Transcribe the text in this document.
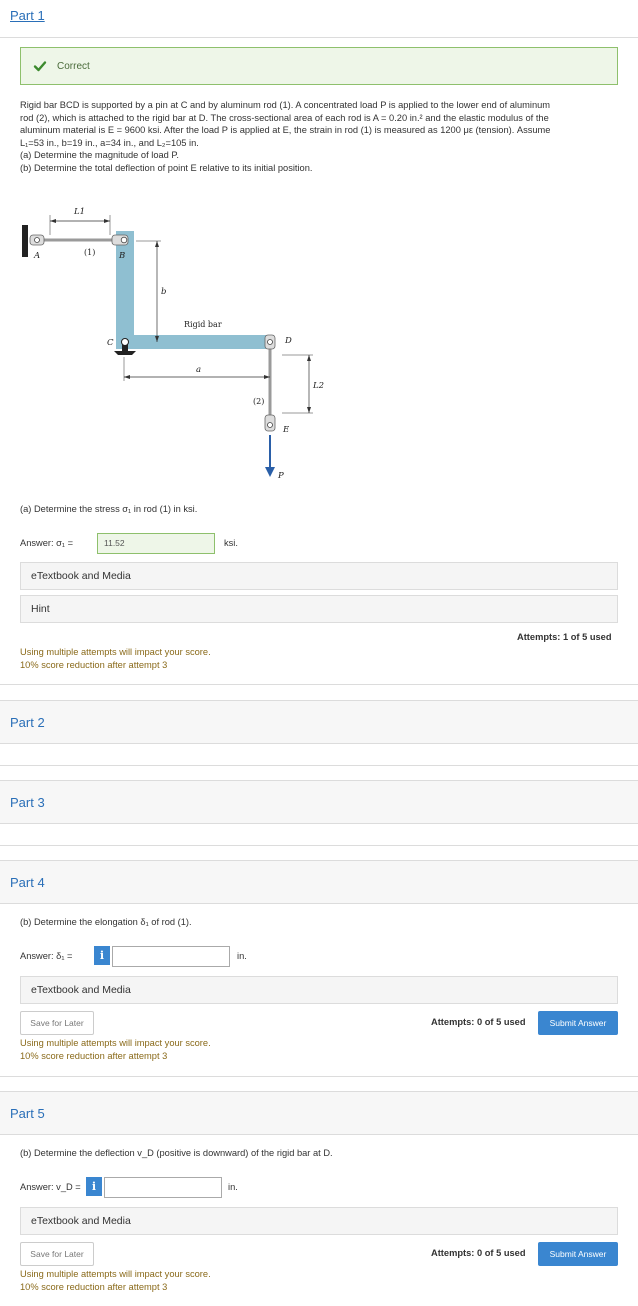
Part 1
Correct

Rigid bar BCD is supported by a pin at C and by aluminum rod (1). A concentrated load P is applied to the lower end of aluminum

rod (2), which is attached to the rigid bar at D. The cross-sectional area of each rod is A = 0.20 in.² and the elastic modulus of the

aluminum material is E = 9600 ksi. After the load P is applied at E, the strain in rod (1) is measured as 1200 με (tension). Assume

L₁=53 in., b=19 in., a=34 in., and L₂=105 in.

(a) Determine the magnitude of load P.

(b) Determine the total deflection of point E relative to its initial position.

L1
A	B
b
C	D
a
L2
E
P
(1)
Rigid bar
(2)
(a) Determine the stress σ₁ in rod (1) in ksi.
Answer: σ₁ =	11.52	ksi.
eTextbook and Media
Hint
Attempts: 1 of 5 used
Using multiple attempts will impact your score.
10% score reduction after attempt 3
Part 2
Part 3
Part 4
(b) Determine the elongation δ₁ of rod (1).
Answer: δ₁ =	i	in.
eTextbook and Media
Save for Later	Attempts: 0 of 5 used	Submit Answer
Using multiple attempts will impact your score.
10% score reduction after attempt 3
Part 5
(b) Determine the deflection v_D (positive is downward) of the rigid bar at D.
Answer: v_D =	i	in.
eTextbook and Media
Save for Later	Attempts: 0 of 5 used	Submit Answer
Using multiple attempts will impact your score.
10% score reduction after attempt 3
